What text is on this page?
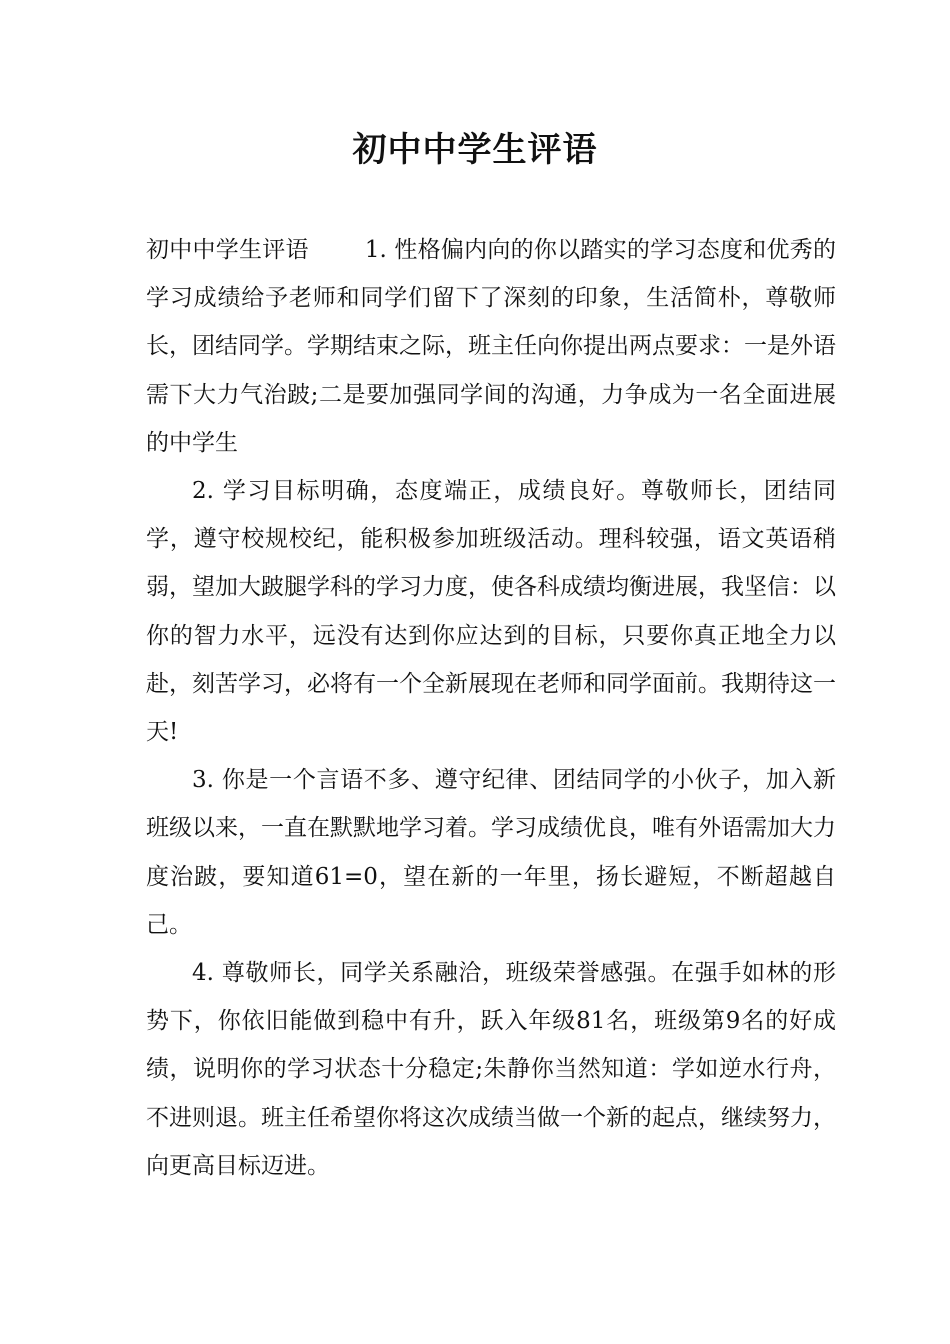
初中中学生评语

初中中学生评语 1. 性格偏内向的你以踏实的学习态度和优秀的学习成绩给予老师和同学们留下了深刻的印象，生活简朴，尊敬师长，团结同学。学期结束之际，班主任向你提出两点要求：一是外语需下大力气治跛;二是要加强同学间的沟通，力争成为一名全面进展的中学生

2. 学习目标明确，态度端正，成绩良好。尊敬师长，团结同学，遵守校规校纪，能积极参加班级活动。理科较强，语文英语稍弱，望加大跛腿学科的学习力度，使各科成绩均衡进展，我坚信：以你的智力水平，远没有达到你应达到的目标，只要你真正地全力以赴，刻苦学习，必将有一个全新展现在老师和同学面前。我期待这一天!

3. 你是一个言语不多、遵守纪律、团结同学的小伙子，加入新班级以来，一直在默默地学习着。学习成绩优良，唯有外语需加大力度治跛，要知道61=0，望在新的一年里，扬长避短，不断超越自己。

4. 尊敬师长，同学关系融洽，班级荣誉感强。在强手如林的形势下，你依旧能做到稳中有升，跃入年级81名，班级第9名的好成绩，说明你的学习状态十分稳定;朱静你当然知道：学如逆水行舟，不进则退。班主任希望你将这次成绩当做一个新的起点，继续努力，向更高目标迈进。
